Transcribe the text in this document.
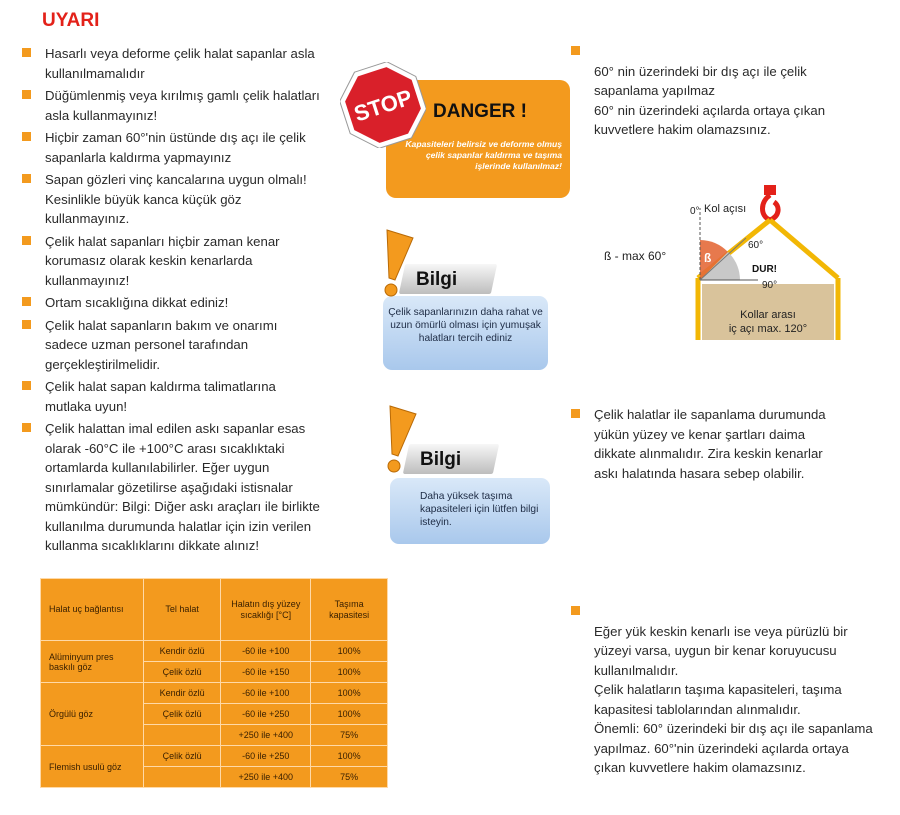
UYARI
Hasarlı veya deforme çelik halat sapanlar asla kullanılmamalıdır
Düğümlenmiş veya kırılmış gamlı çelik halatları asla kullanmayınız!
Hiçbir zaman 60°'nin üstünde dış açı ile çelik sapanlarla kaldırma yapmayınız
Sapan gözleri vinç kancalarına uygun olmalı! Kesinlikle büyük kanca küçük göz kullanmayınız.
Çelik halat sapanları hiçbir zaman kenar korumasız olarak keskin kenarlarda kullanmayınız!
Ortam sıcaklığına dikkat ediniz!
Çelik halat sapanların bakım ve onarımı sadece uzman personel tarafından gerçekleştirilmelidir.
Çelik halat sapan kaldırma talimatlarına mutlaka uyun!
Çelik halattan imal edilen askı sapanlar esas olarak -60°C ile +100°C arası sıcaklıktaki ortamlarda kullanılabilirler. Eğer uygun sınırlamalar gözetilirse aşağıdaki istisnalar mümkündür: Bilgi: Diğer askı araçları ile birlikte kullanılma durumunda halatlar için izin verilen kullanma sıcaklıklarını dikkate alınız!
Halat uç bağlantısı	Tel halat	Halatın dış yüzey sıcaklığı [°C]	Taşıma kapasitesi
Alüminyum pres baskılı göz	Kendir özlü	-60 ile +100	100%
	Çelik özlü	-60 ile +150	100%
Örgülü göz	Kendir özlü	-60 ile +100	100%
	Çelik özlü	-60 ile +250	100%
		+250 ile +400	75%
Flemish usulü göz	Çelik özlü	-60 ile +250	100%
		+250 ile +400	75%
DANGER !
Kapasiteleri belirsiz ve deforme olmuş çelik sapanlar kaldırma ve taşıma işlerinde kullanılmaz!
STOP
Çelik sapanlarınızın daha rahat ve uzun ömürlü olması için yumuşak halatları tercih ediniz
Bilgi
Daha yüksek taşıma kapasiteleri için lütfen bilgi isteyin.
Bilgi

60° nin üzerindeki bir dış açı ile çelik sapanlama yapılmaz
60° nin üzerindeki açılarda ortaya çıkan kuvvetlere hakim olamazsınız.

Çelik halatlar ile sapanlama durumunda yükün yüzey ve kenar şartları daima dikkate alınmalıdır. Zira keskin kenarlar askı halatında hasara sebep olabilir.

Eğer yük keskin kenarlı ise veya pürüzlü bir yüzeyi varsa, uygun bir kenar koruyucusu kullanılmalıdır.
Çelik halatların taşıma kapasiteleri, taşıma kapasitesi tablolarından alınmalıdır.
Önemli: 60° üzerindeki bir dış açı ile sapanlama yapılmaz. 60°'nin üzerindeki açılarda ortaya çıkan kuvvetlere hakim olamazsınız.

Kollar arası
iç açı max. 120°
0° Kol açısı
ß - max 60°	ß
60°
DUR!
90°
